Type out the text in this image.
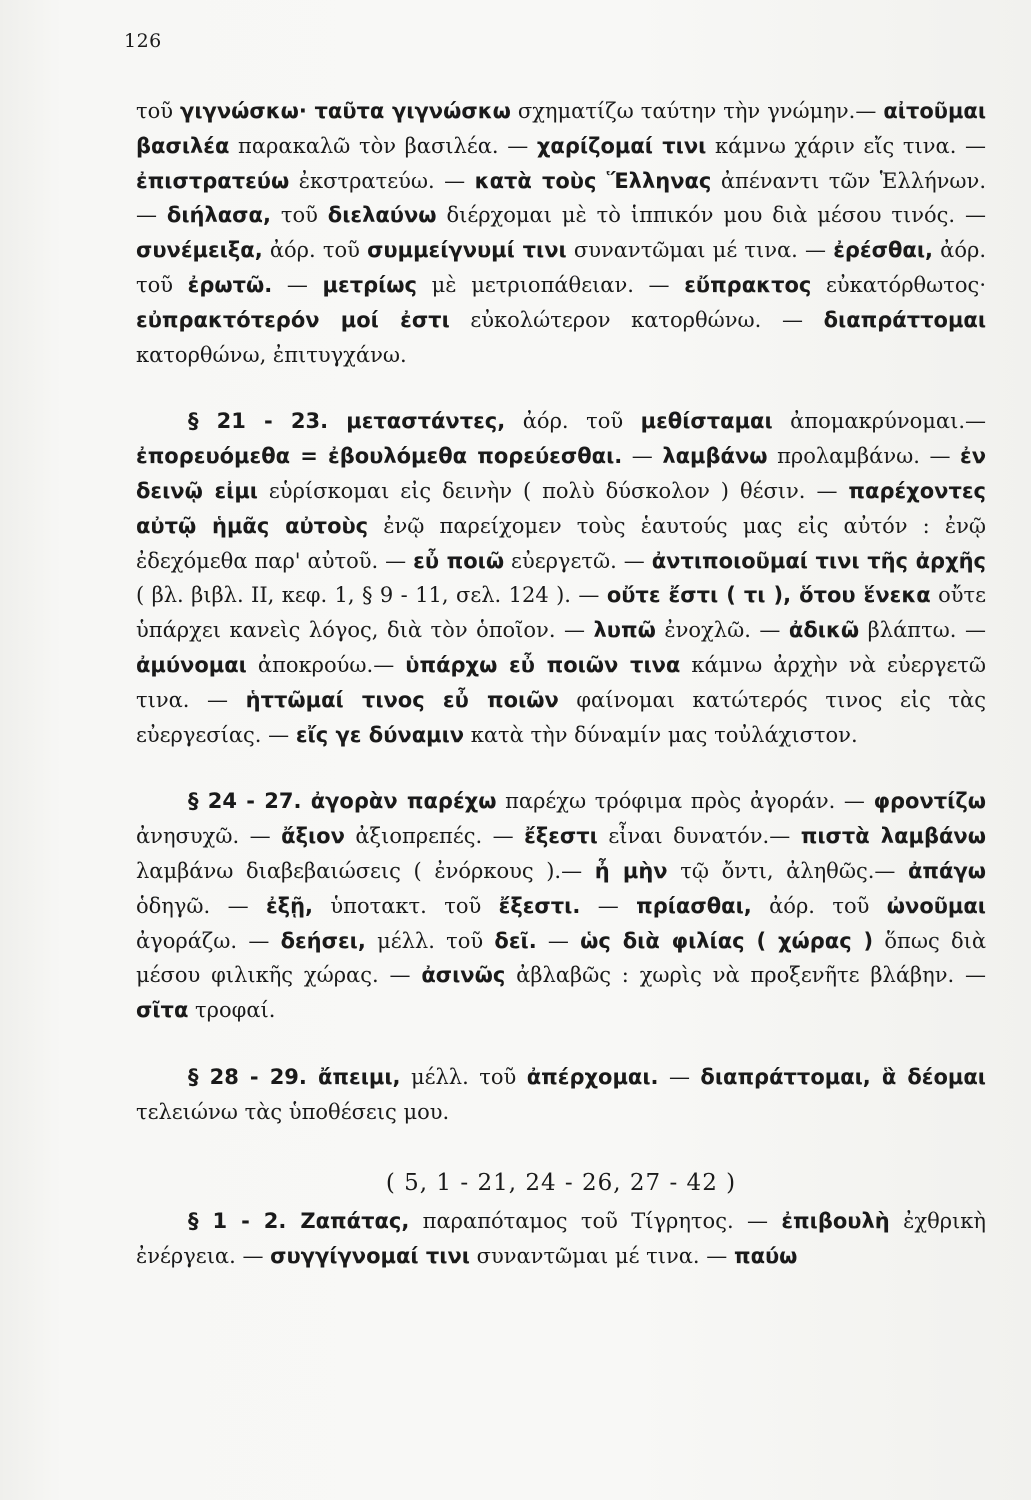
126

τοῦ γιγνώσκω· ταῦτα γιγνώσκω σχηματίζω ταύτην τὴν γνώμην.— αἰτοῦμαι βασιλέα παρακαλῶ τὸν βασιλέα. — χαρίζομαί τινι κάμνω χάριν εἴς τινα. — ἐπιστρατεύω ἐκστρατεύω. — κατὰ τοὺς Ἕλληνας ἀπέναντι τῶν Ἑλλήνων. — διήλασα, τοῦ διελαύνω διέρχομαι μὲ τὸ ἱππικόν μου διὰ μέσου τινός. — συνέμειξα, ἀόρ. τοῦ συμμείγνυμί τινι συναντῶμαι μέ τινα. — ἐρέσθαι, ἀόρ. τοῦ ἐρωτῶ. — μετρίως μὲ μετριοπάθειαν. — εὔπρακτος εὐκατόρθωτος· εὐπρακτότερόν μοί ἐστι εὐκολώτερον κατορθώνω. — διαπράττομαι κατορθώνω, ἐπιτυγχάνω.

§ 21 - 23. μεταστάντες, ἀόρ. τοῦ μεθίσταμαι ἀπομακρύνομαι.— ἐπορευόμεθα = ἐβουλόμεθα πορεύεσθαι. — λαμβάνω προλαμβάνω. — ἐν δεινῷ εἰμι εὑρίσκομαι εἰς δεινὴν ( πολὺ δύσκολον ) θέσιν. — παρέχοντες αὐτῷ ἡμᾶς αὐτοὺς ἐνῷ παρείχομεν τοὺς ἑαυτούς μας εἰς αὐτόν : ἐνῷ ἐδεχόμεθα παρ' αὐτοῦ. — εὖ ποιῶ εὐεργετῶ. — ἀντιποιοῦμαί τινι τῆς ἀρχῆς ( βλ. βιβλ. II, κεφ. 1, § 9 - 11, σελ. 124 ). — οὔτε ἔστι ( τι ), ὅτου ἕνεκα οὔτε ὑπάρχει κανεὶς λόγος, διὰ τὸν ὁποῖον. — λυπῶ ἐνοχλῶ. — ἀδικῶ βλάπτω. — ἀμύνομαι ἀποκρούω.— ὑπάρχω εὖ ποιῶν τινα κάμνω ἀρχὴν νὰ εὐεργετῶ τινα. — ἡττῶμαί τινος εὖ ποιῶν φαίνομαι κατώτερός τινος εἰς τὰς εὐεργεσίας. — εἴς γε δύναμιν κατὰ τὴν δύναμίν μας τοὐλάχιστον.

§ 24 - 27. ἀγορὰν παρέχω παρέχω τρόφιμα πρὸς ἀγοράν. — φροντίζω ἀνησυχῶ. — ἄξιον ἀξιοπρεπές. — ἔξεστι εἶναι δυνατόν.— πιστὰ λαμβάνω λαμβάνω διαβεβαιώσεις ( ἐνόρκους ).— ἦ μὴν τῷ ὄντι, ἀληθῶς.— ἀπάγω ὁδηγῶ. — ἐξῇ, ὑποτακτ. τοῦ ἔξεστι. — πρίασθαι, ἀόρ. τοῦ ὠνοῦμαι ἀγοράζω. — δεήσει, μέλλ. τοῦ δεῖ. — ὡς διὰ φιλίας ( χώρας ) ὅπως διὰ μέσου φιλικῆς χώρας. — ἀσινῶς ἀβλαβῶς : χωρὶς νὰ προξενῆτε βλάβην. — σῖτα τροφαί.

§ 28 - 29. ἄπειμι, μέλλ. τοῦ ἀπέρχομαι. — διαπράττομαι, ἃ δέομαι τελειώνω τὰς ὑποθέσεις μου.

( 5, 1 - 21, 24 - 26, 27 - 42 )

§ 1 - 2. Ζαπάτας, παραπόταμος τοῦ Τίγρητος. — ἐπιβουλὴ ἐχθρικὴ ἐνέργεια. — συγγίγνομαί τινι συναντῶμαι μέ τινα. — παύω
